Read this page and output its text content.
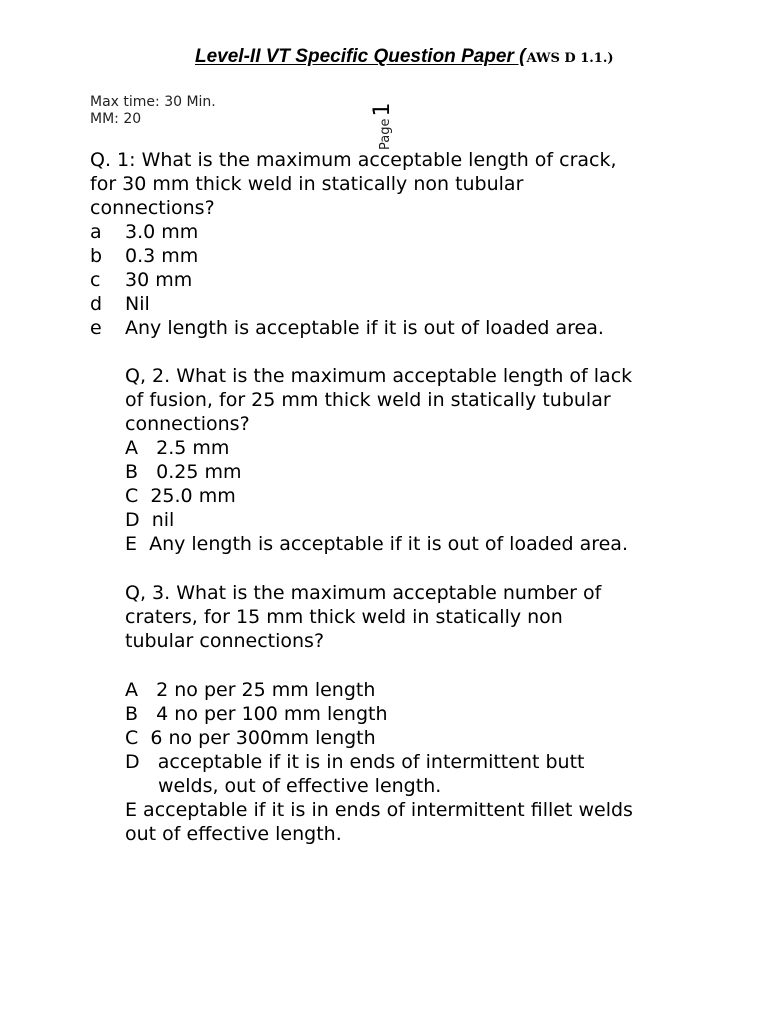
Level-II VT Specific Question Paper (AWS D 1.1.)
Max time: 30 Min.
MM: 20	Page1
Q. 1: What is the maximum acceptable length of crack,
for 30 mm thick weld in statically non tubular
connections?
a 3.0 mm
b 0.3 mm
c 30 mm
d Nil
e Any length is acceptable if it is out of loaded area.
Q, 2. What is the maximum acceptable length of lack
of fusion, for 25 mm thick weld in statically tubular
connections?
A   2.5 mm
B   0.25 mm
C  25.0 mm
D  nil
E  Any length is acceptable if it is out of loaded area.
Q, 3. What is the maximum acceptable number of
craters, for 15 mm thick weld in statically non
tubular connections?
A   2 no per 25 mm length
B   4 no per 100 mm length
C  6 no per 300mm length
D   acceptable if it is in ends of intermittent butt
welds, out of effective length.
E acceptable if it is in ends of intermittent fillet welds
out of effective length.
